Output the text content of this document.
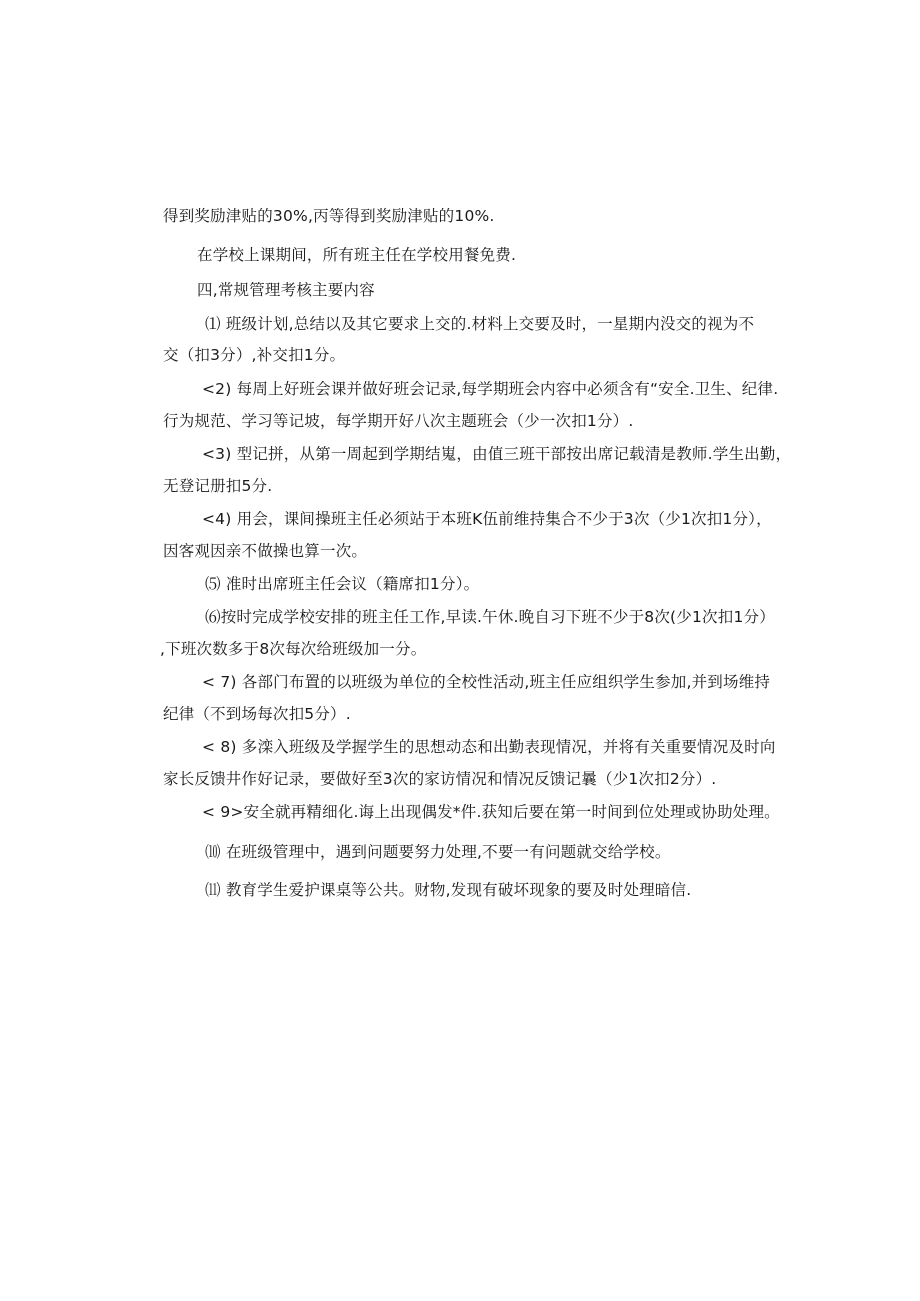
得到奖励津贴的30%,丙等得到奖励津贴的10%.
在学校上课期间，所有班主任在学校用餐免费.
四,常规管理考核主要内容
⑴ 班级计划,总结以及其它要求上交的.材料上交要及时，一星期内没交的视为不
交（扣3分）,补交扣1分。
<2) 每周上好班会课并做好班会记录,每学期班会内容中必须含有“安全.卫生、纪律.
行为规范、学习等记坡，每学期开好八次主题班会（少一次扣1分）.
<3) 型记拼，从第一周起到学期结嵬，由值三班干部按出席记载清是教师.学生出勤，
无登记册扣5分.
<4) 用会，课间操班主任必须站于本班K伍前维持集合不少于3次（少1次扣1分），
因客观因亲不做操也算一次。
⑸ 准时出席班主任会议（籍席扣1分）。
⑹按时完成学校安排的班主任工作,早读.午休.晚自习下班不少于8次(少1次扣1分）
,下班次数多于8次每次给班级加一分。
< 7) 各部门布置的以班级为单位的全校性活动,班主任应组织学生参加,并到场维持
纪律（不到场每次扣5分）.
< 8) 多滦入班级及学握学生的思想动态和出勤表现情况，并将有关重要情况及时向
家长反馈井作好记录，要做好至3次的家访情况和情况反馈记曩（少1次扣2分）.
< 9>安全就再精细化.诲上出现偶发*件.获知后要在第一时间到位处理或协助处理。
⑽ 在班级管理中，遇到问题要努力处理,不要一有问题就交给学校。
⑾ 教育学生爱护课桌等公共。财物,发现有破坏现象的要及时处理暗信.
